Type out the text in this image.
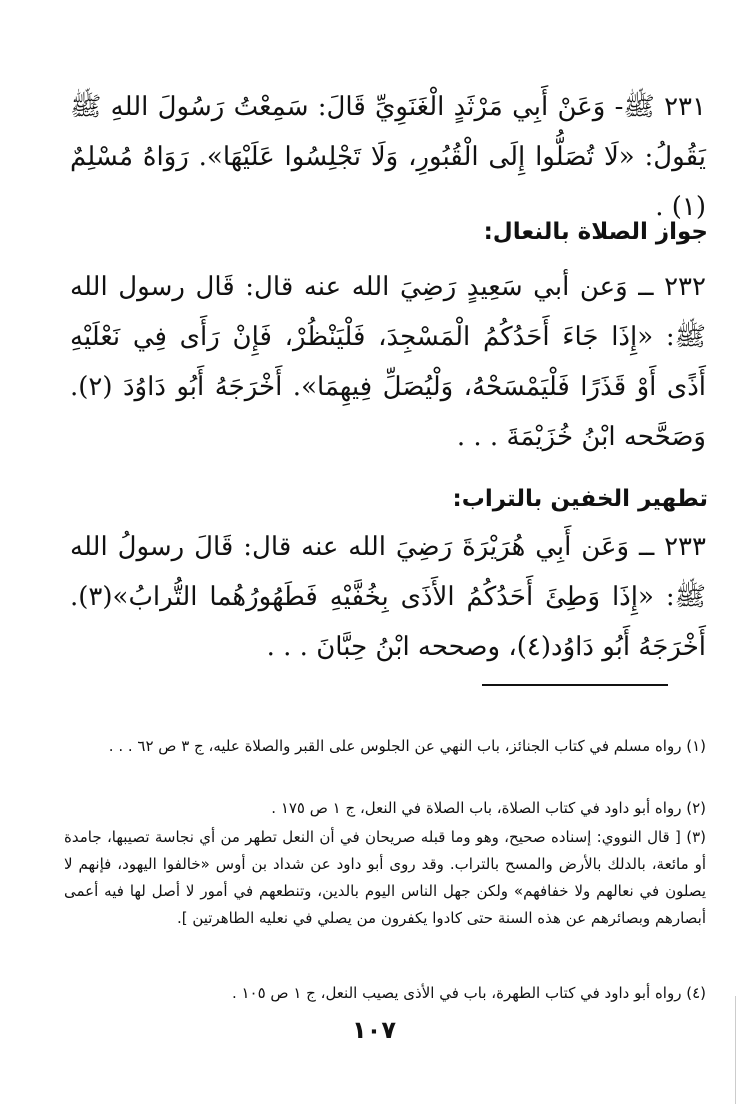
٢٣١ ﷺ- وَعَنْ أَبِي مَرْثَدٍ الْغَنَوِيِّ قَالَ: سَمِعْتُ رَسُولَ اللهِ ﷺ يَقُولُ: «لَا تُصَلُّوا إِلَى الْقُبُورِ، وَلَا تَجْلِسُوا عَلَيْهَا». رَوَاهُ مُسْلِمٌ (١) .
جواز الصلاة بالنعال:
٢٣٢ ــ وَعن أبي سَعِيدٍ رَضِيَ الله عنه قال: قَال رسول الله ﷺ: «إِذَا جَاءَ أَحَدُكُمُ الْمَسْجِدَ، فَلْيَنْظُرْ، فَإِنْ رَأَى فِي نَعْلَيْهِ أَذًى أَوْ قَذَرًا فَلْيَمْسَحْهُ، وَلْيُصَلِّ فِيهِمَا». أَخْرَجَهُ أَبُو دَاوُدَ (٢). وَصَحَّحه ابْنُ خُزَيْمَةَ . . .
تطهير الخفين بالتراب:
٢٣٣ ــ وَعَن أَبِي هُرَيْرَةَ رَضِيَ الله عنه قال: قَالَ رسولُ الله ﷺ: «إِذَا وَطِئَ أَحَدُكُمُ الأَذَى بِخُفَّيْهِ فَطَهُورُهُما التُّرابُ»(٣). أَخْرَجَهُ أَبُو دَاوُد(٤)، وصححه ابْنُ حِبَّانَ . . .
(١) رواه مسلم في كتاب الجنائز، باب النهي عن الجلوس على القبر والصلاة عليه، ج ٣ ص ٦٢ . . .
(٢) رواه أبو داود في كتاب الصلاة، باب الصلاة في النعل، ج ١ ص ١٧٥ .
(٣) [ قال النووي: إسناده صحيح، وهو وما قبله صريحان في أن النعل تطهر من أي نجاسة تصيبها، جامدة أو مائعة، بالدلك بالأرض والمسح بالتراب. وقد روى أبو داود عن شداد بن أوس «خالفوا اليهود، فإنهم لا يصلون في نعالهم ولا خفافهم» ولكن جهل الناس اليوم بالدين، وتنطعهم في أمور لا أصل لها فيه أعمى أبصارهم وبصائرهم عن هذه السنة حتى كادوا يكفرون من يصلي في نعليه الطاهرتين ].
(٤) رواه أبو داود في كتاب الطهرة، باب في الأذى يصيب النعل، ج ١ ص ١٠٥ .
١٠٧
